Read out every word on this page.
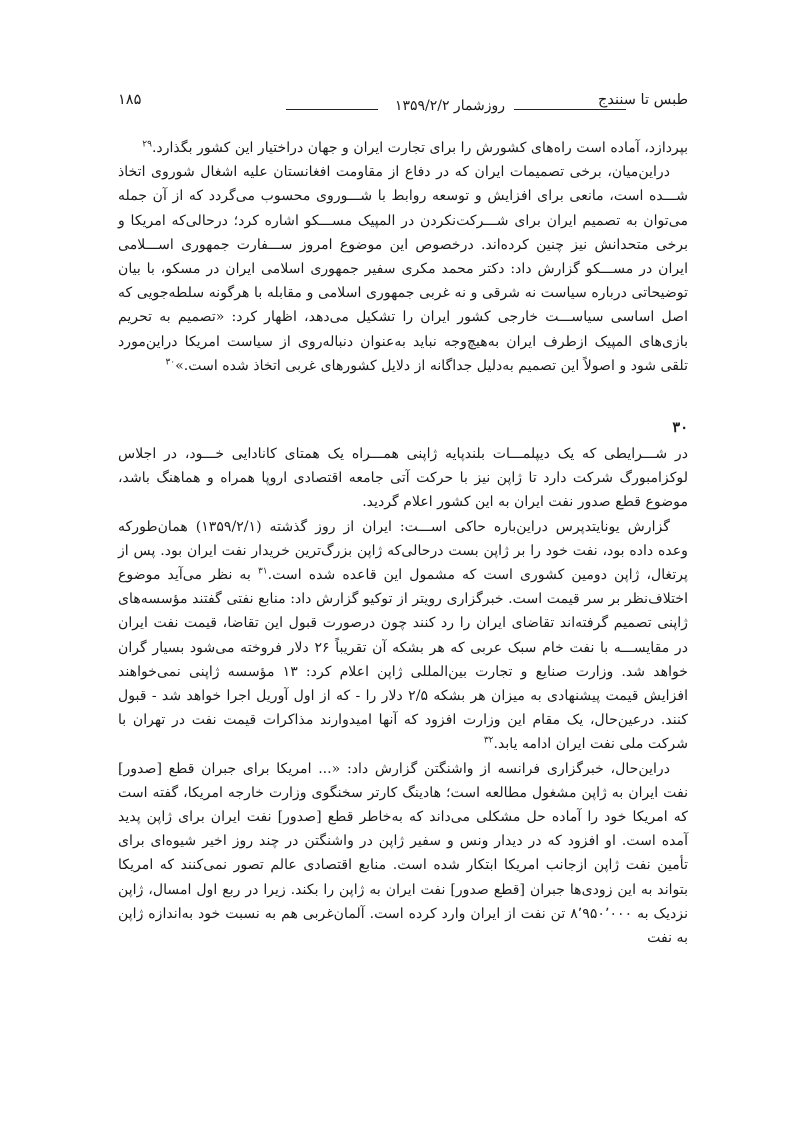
طبس تا سنندج
روزشمار ۱۳۵۹/۲/۲
۱۸۵

بپردازد، آماده است راه‌های کشورش را برای تجارت ایران و جهان دراختیار این کشور بگذارد.$^{۲۹}$

دراین‌میان، برخی تصمیمات ایران که در دفاع از مقاومت افغانستان علیه اشغال شوروی اتخاذ شـــده است، مانعی برای افزایش و توسعه روابط با شـــوروی محسوب می‌گردد که از آن جمله می‌توان به تصمیم ایران برای شـــرکت‌نکردن در المپیک مســـکو اشاره کرد؛ درحالی‌که امریکا و برخی متحدانش نیز چنین کرده‌اند. درخصوص این موضوع امروز ســـفارت جمهوری اســـلامی ایران در مســـکو گزارش داد: دکتر محمد مکری سفیر جمهوری اسلامی ایران در مسکو، با بیان توضیحاتی درباره سیاست نه شرقی و نه غربی جمهوری اسلامی و مقابله با هرگونه سلطه‌جویی که اصل اساسی سیاســـت خارجی کشور ایران را تشکیل می‌دهد، اظهار کرد: «تصمیم به تحریم بازی‌های المپیک ازطرف ایران به‌هیچ‌وجه نباید به‌عنوان دنباله‌روی از سیاست امریکا دراین‌مورد تلقی شود و اصولاً این تصمیم به‌دلیل جداگانه از دلایل کشورهای غربی اتخاذ شده است.»$^{۳۰}$

۳۰

در شـــرایطی که یک دیپلمـــات بلندپایه ژاپنی همـــراه یک همتای کانادایی خـــود، در اجلاس لوکزامبورگ شرکت دارد تا ژاپن نیز با حرکت آتی جامعه اقتصادی اروپا همراه و هماهنگ باشد، موضوع قطع صدور نفت ایران به این کشور اعلام گردید.

گزارش یونایتدپرس دراین‌باره حاکی اســـت: ایران از روز گذشته (۱۳۵۹/۲/۱) همان‌طورکه وعده داده بود، نفت خود را بر ژاپن بست درحالی‌که ژاپن بزرگ‌ترین خریدار نفت ایران بود. پس از پرتغال، ژاپن دومین کشوری است که مشمول این قاعده شده است.$^{۳۱}$ به نظر می‌آید موضوع اختلاف‌نظر بر سر قیمت است. خبرگزاری رویتر از توکیو گزارش داد: منابع نفتی گفتند مؤسسه‌های ژاپنی تصمیم گرفته‌اند تقاضای ایران را رد کنند چون درصورت قبول این تقاضا، قیمت نفت ایران در مقایســـه با نفت خام سبک عربی که هر بشکه آن تقریباً ۲۶ دلار فروخته می‌شود بسیار گران خواهد شد. وزارت صنایع و تجارت بین‌المللی ژاپن اعلام کرد: ۱۳ مؤسسه ژاپنی نمی‌خواهند افزایش قیمت پیشنهادی به میزان هر بشکه ۲/۵ دلار را - که از اول آوریل اجرا خواهد شد - قبول کنند. درعین‌حال، یک مقام این وزارت افزود که آنها امیدوارند مذاکرات قیمت نفت در تهران با شرکت ملی نفت ایران ادامه یابد.$^{۳۲}$

دراین‌حال، خبرگزاری فرانسه از واشنگتن گزارش داد: «... امریکا برای جبران قطع [صدور] نفت ایران به ژاپن مشغول مطالعه است؛ هادینگ کارتر سخنگوی وزارت خارجه امریکا، گفته است که امریکا خود را آماده حل مشکلی می‌داند که به‌خاطر قطع [صدور] نفت ایران برای ژاپن پدید آمده است. او افزود که در دیدار ونس و سفیر ژاپن در واشنگتن در چند روز اخیر شیوه‌ای برای تأمین نفت ژاپن ازجانب امریکا ابتکار شده است. منابع اقتصادی عالم تصور نمی‌کنند که امریکا بتواند به این زودی‌ها جبران [قطع صدور] نفت ایران به ژاپن را بکند. زیرا در ربع اول امسال، ژاپن نزدیک به ۸٬۹۵۰٬۰۰۰ تن نفت از ایران وارد کرده است. آلمان‌غربی هم به نسبت خود به‌اندازه ژاپن به نفت
